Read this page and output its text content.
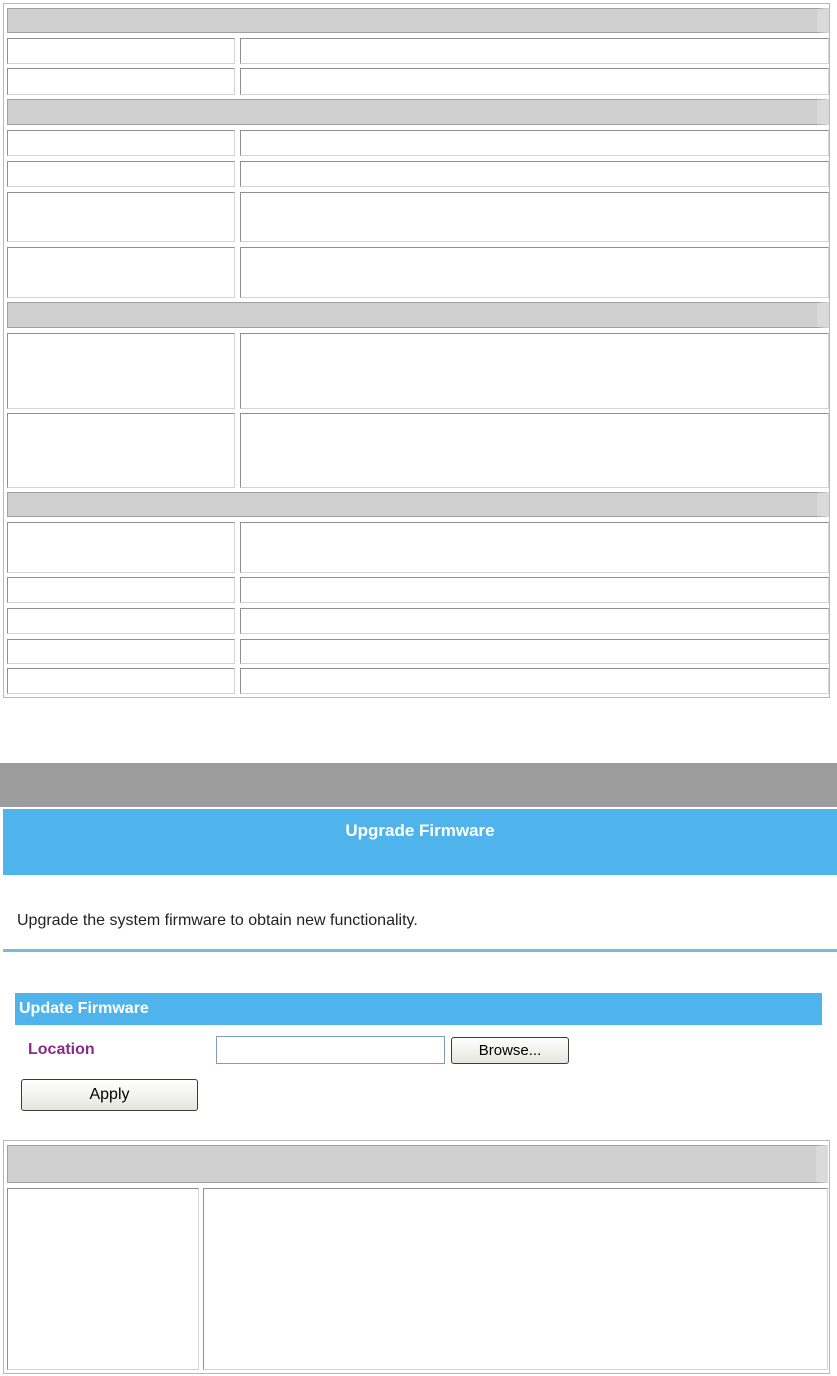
Upgrade Firmware
Upgrade the system firmware to obtain new functionality.
Update Firmware
Location	Browse...
Apply
